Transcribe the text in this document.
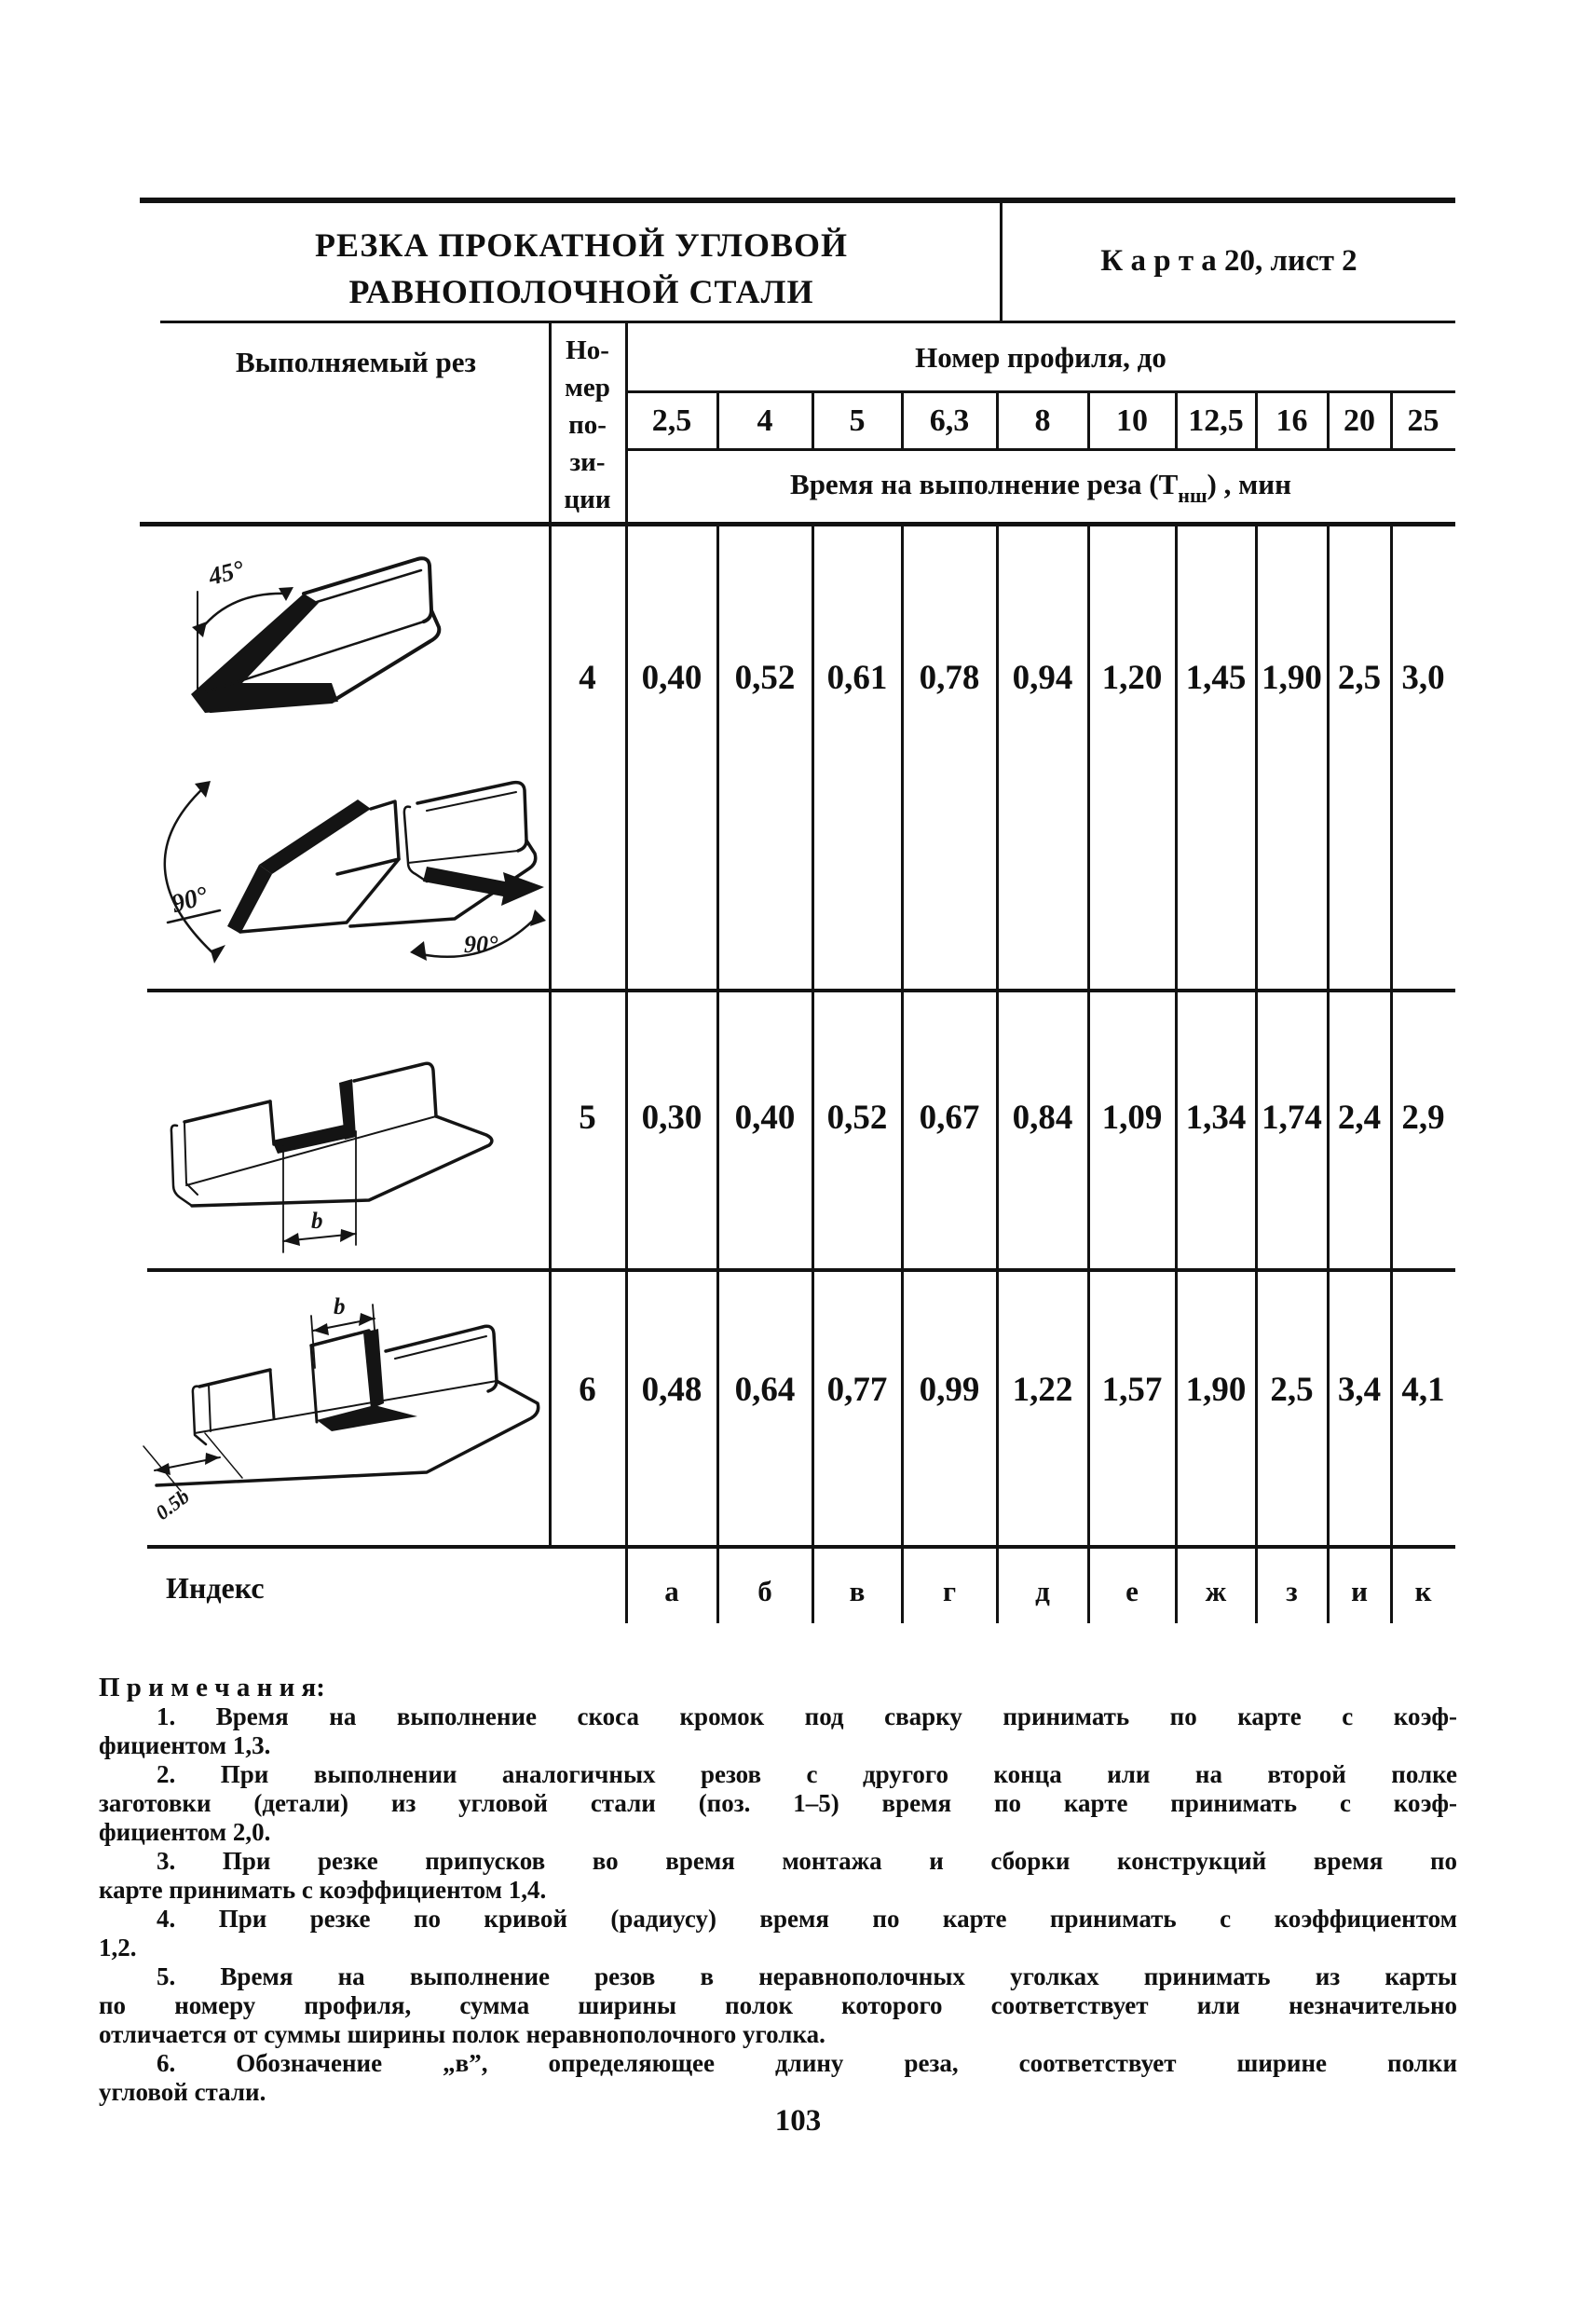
РЕЗКА ПРОКАТНОЙ УГЛОВОЙ
РАВНОПОЛОЧНОЙ СТАЛИ
К а р т а 20, лист 2
Выполняемый рез	Но-
мер
по-
зи-
ции
Номер профиля, до
2,5	4	5	6,3	8	10	12,5	16	20	25
Время на выполнение реза $(Т_{нш})$ , мин
4	0,40 0,52 0,61 0,78 0,94 1,20 1,45 1,90 2,5 3,0
5	0,30 0,40 0,52 0,67 0,84 1,09 1,34 1,74 2,4 2,9
6	0,48 0,64 0,77 0,99 1,22 1,57 1,90 2,5 3,4 4,1
Индекс	а	б	в	г	д	е	ж	з	и	к
45°
90°
90°
b
b
0.5b
П р и м е ч а н и я:
1. Время на выполнение скоса кромок под сварку принимать по карте с коэф-
фициентом 1,3.
2. При выполнении аналогичных резов с другого конца или на второй полке
заготовки (детали) из угловой стали (поз. 1–5) время по карте принимать с коэф-
фициентом 2,0.
3. При резке припусков во время монтажа и сборки конструкций время по
карте принимать с коэффициентом 1,4.
4. При резке по кривой (радиусу) время по карте принимать с коэффициентом
1,2.
5. Время на выполнение резов в неравнополочных уголках принимать из карты
по номеру профиля, сумма ширины полок которого соответствует или незначительно
отличается от суммы ширины полок неравнополочного уголка.
6. Обозначение „в”, определяющее длину реза, соответствует ширине полки
угловой стали.
103
